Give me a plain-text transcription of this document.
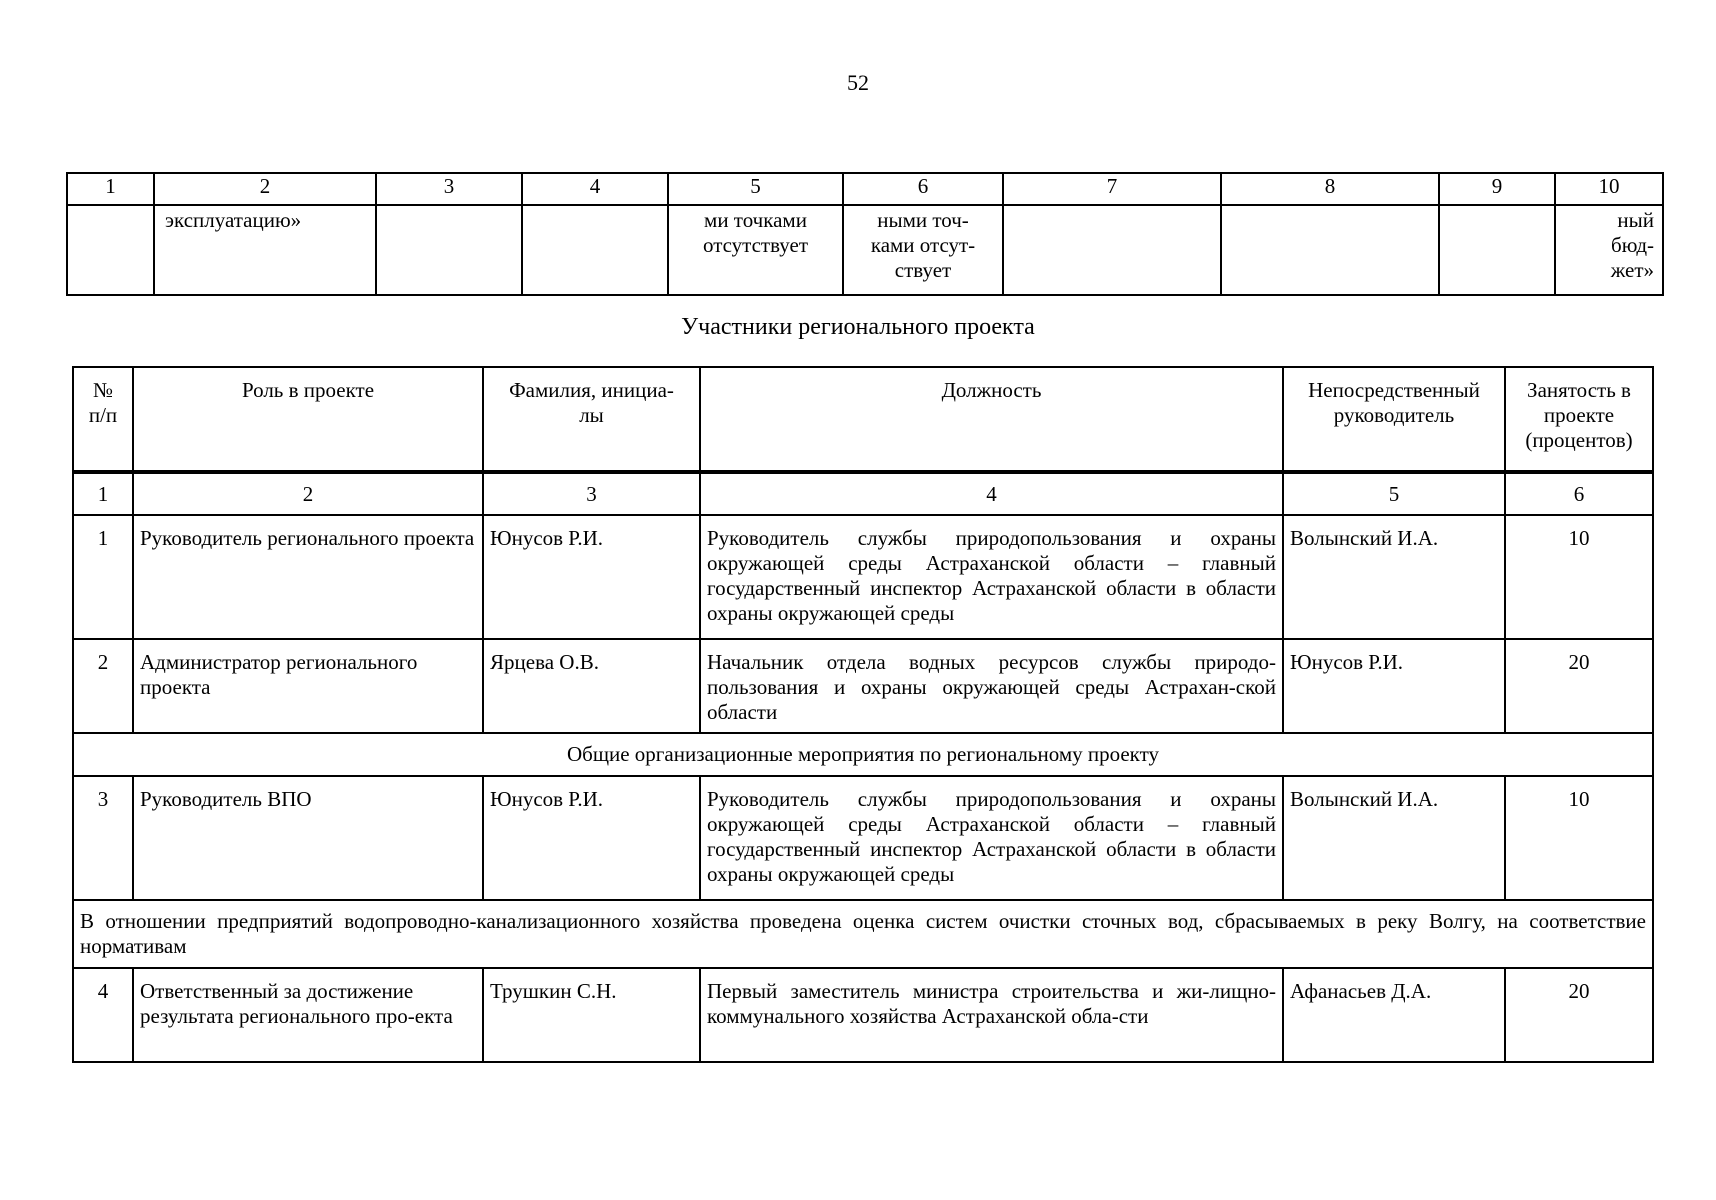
52
1	2	3	4	5	6	7	8	9	10
	эксплуатацию»			ми точками отсутствует	ными точ-
ками отсут-
ствует				ный
бюд-
жет»
Участники регионального проекта
№
п/п	Роль в проекте	Фамилия, инициа-
лы	Должность	Непосредственный руководитель	Занятость в проекте (процентов)
1	2	3	4	5	6
1	Руководитель регионального проекта	Юнусов Р.И.	Руководитель службы природопользования и охраны окружающей среды Астраханской области – главный государственный инспектор Астраханской области в области охраны окружающей среды	Волынский И.А.	10
2	Администратор регионального проекта	Ярцева О.В.	Начальник отдела водных ресурсов службы природо-пользования и охраны окружающей среды Астрахан-ской области	Юнусов Р.И.	20
Общие организационные мероприятия по региональному проекту					
3	Руководитель ВПО	Юнусов Р.И.	Руководитель службы природопользования и охраны окружающей среды Астраханской области – главный государственный инспектор Астраханской области в области охраны окружающей среды	Волынский И.А.	10
В отношении предприятий водопроводно-канализационного хозяйства проведена оценка систем очистки сточных вод, сбрасываемых в реку Волгу, на соответствие нормативам					
4	Ответственный за достижение результата регионального про-екта	Трушкин С.Н.	Первый заместитель министра строительства и жи-лищно-коммунального хозяйства Астраханской обла-сти	Афанасьев Д.А.	20
